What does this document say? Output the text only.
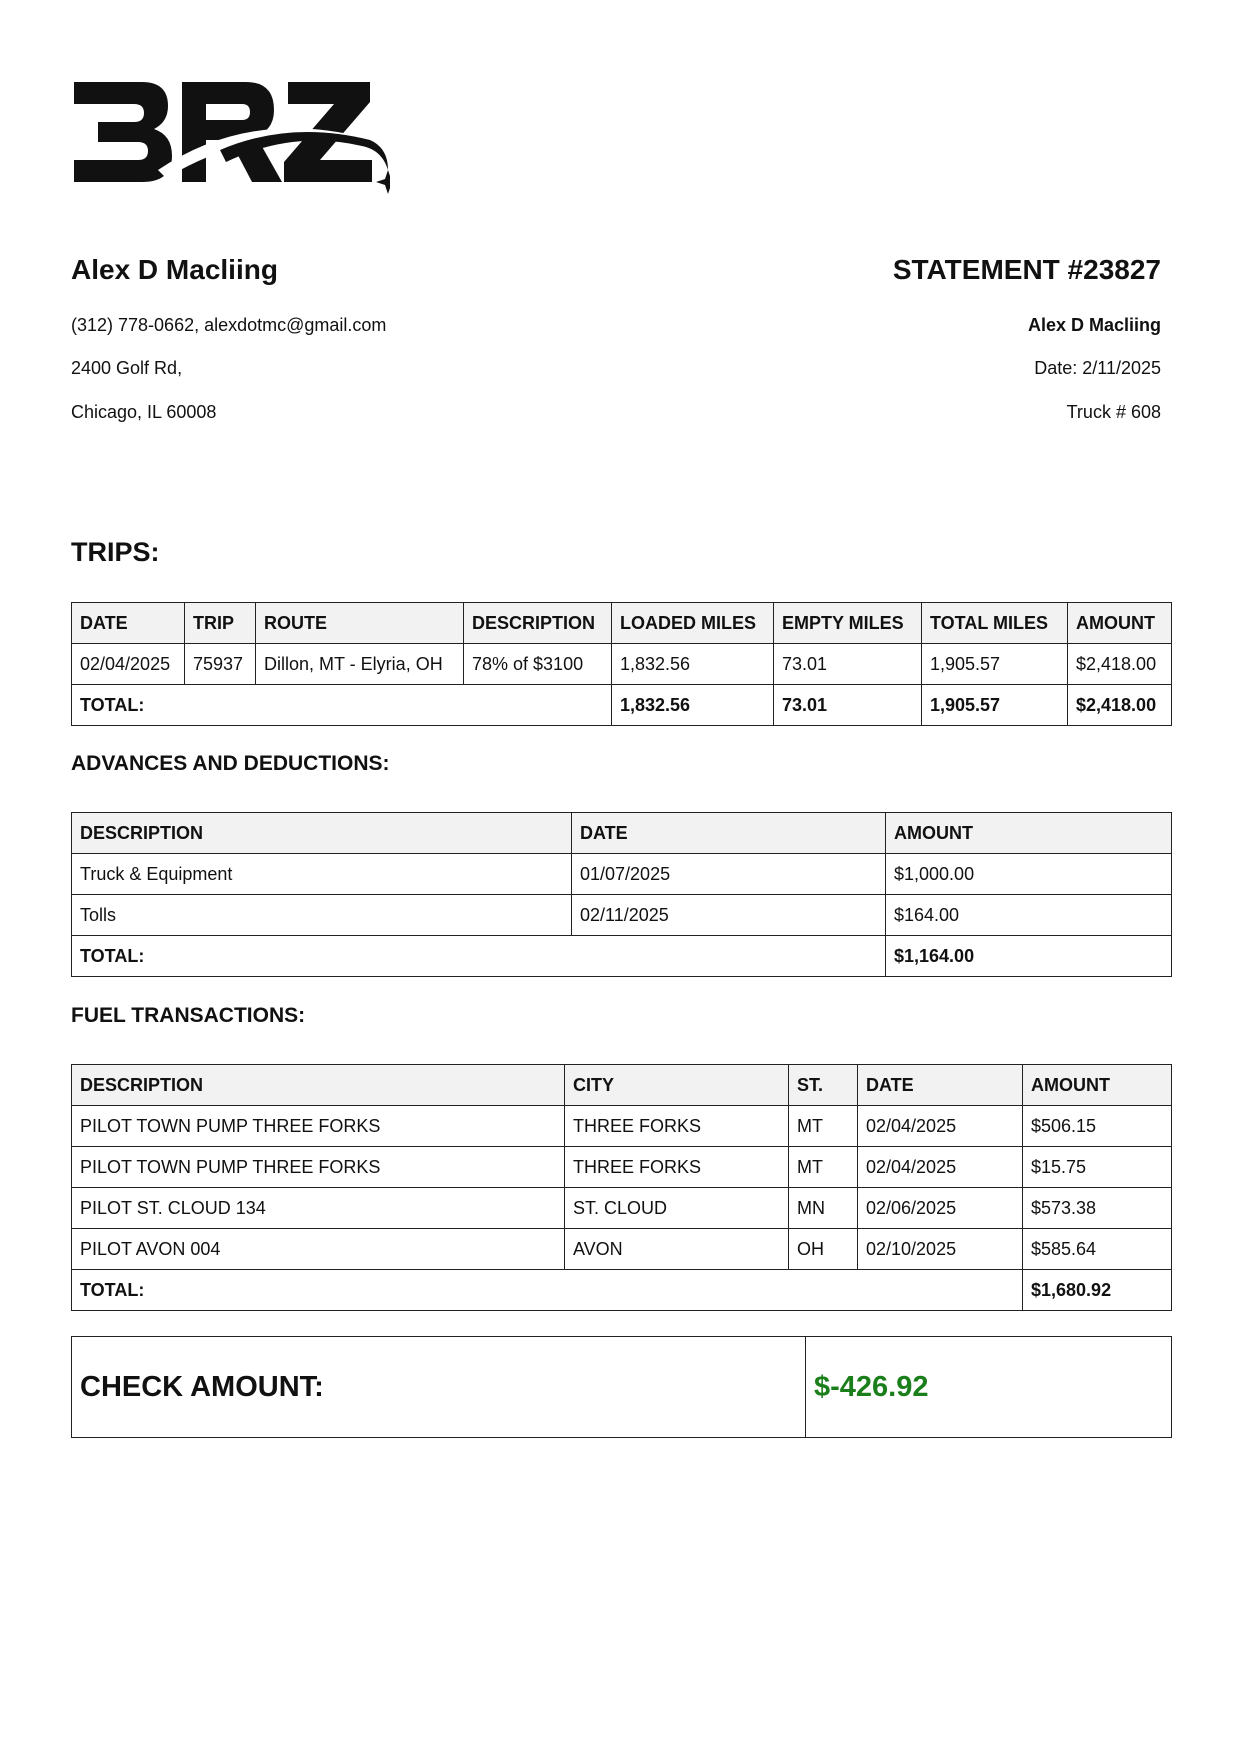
Alex D Macliing	STATEMENT #23827
(312) 778-0662, alexdotmc@gmail.com
2400 Golf Rd,
Chicago, IL 60008
Alex D Macliing
Date: 2/11/2025
Truck # 608
TRIPS:
DATE	TRIP	ROUTE	DESCRIPTION	LOADED MILES	EMPTY MILES	TOTAL MILES	AMOUNT
02/04/2025	75937	Dillon, MT - Elyria, OH	78% of $3100	1,832.56	73.01	1,905.57	$2,418.00
TOTAL:				1,832.56	73.01	1,905.57	$2,418.00
ADVANCES AND DEDUCTIONS:
DESCRIPTION	DATE	AMOUNT
Truck & Equipment	01/07/2025	$1,000.00
Tolls	02/11/2025	$164.00
TOTAL:		$1,164.00
FUEL TRANSACTIONS:
DESCRIPTION	CITY	ST.	DATE	AMOUNT
PILOT TOWN PUMP THREE FORKS	THREE FORKS	MT	02/04/2025	$506.15
PILOT TOWN PUMP THREE FORKS	THREE FORKS	MT	02/04/2025	$15.75
PILOT ST. CLOUD 134	ST. CLOUD	MN	02/06/2025	$573.38
PILOT AVON 004	AVON	OH	02/10/2025	$585.64
TOTAL:				$1,680.92
CHECK AMOUNT:	$-426.92
